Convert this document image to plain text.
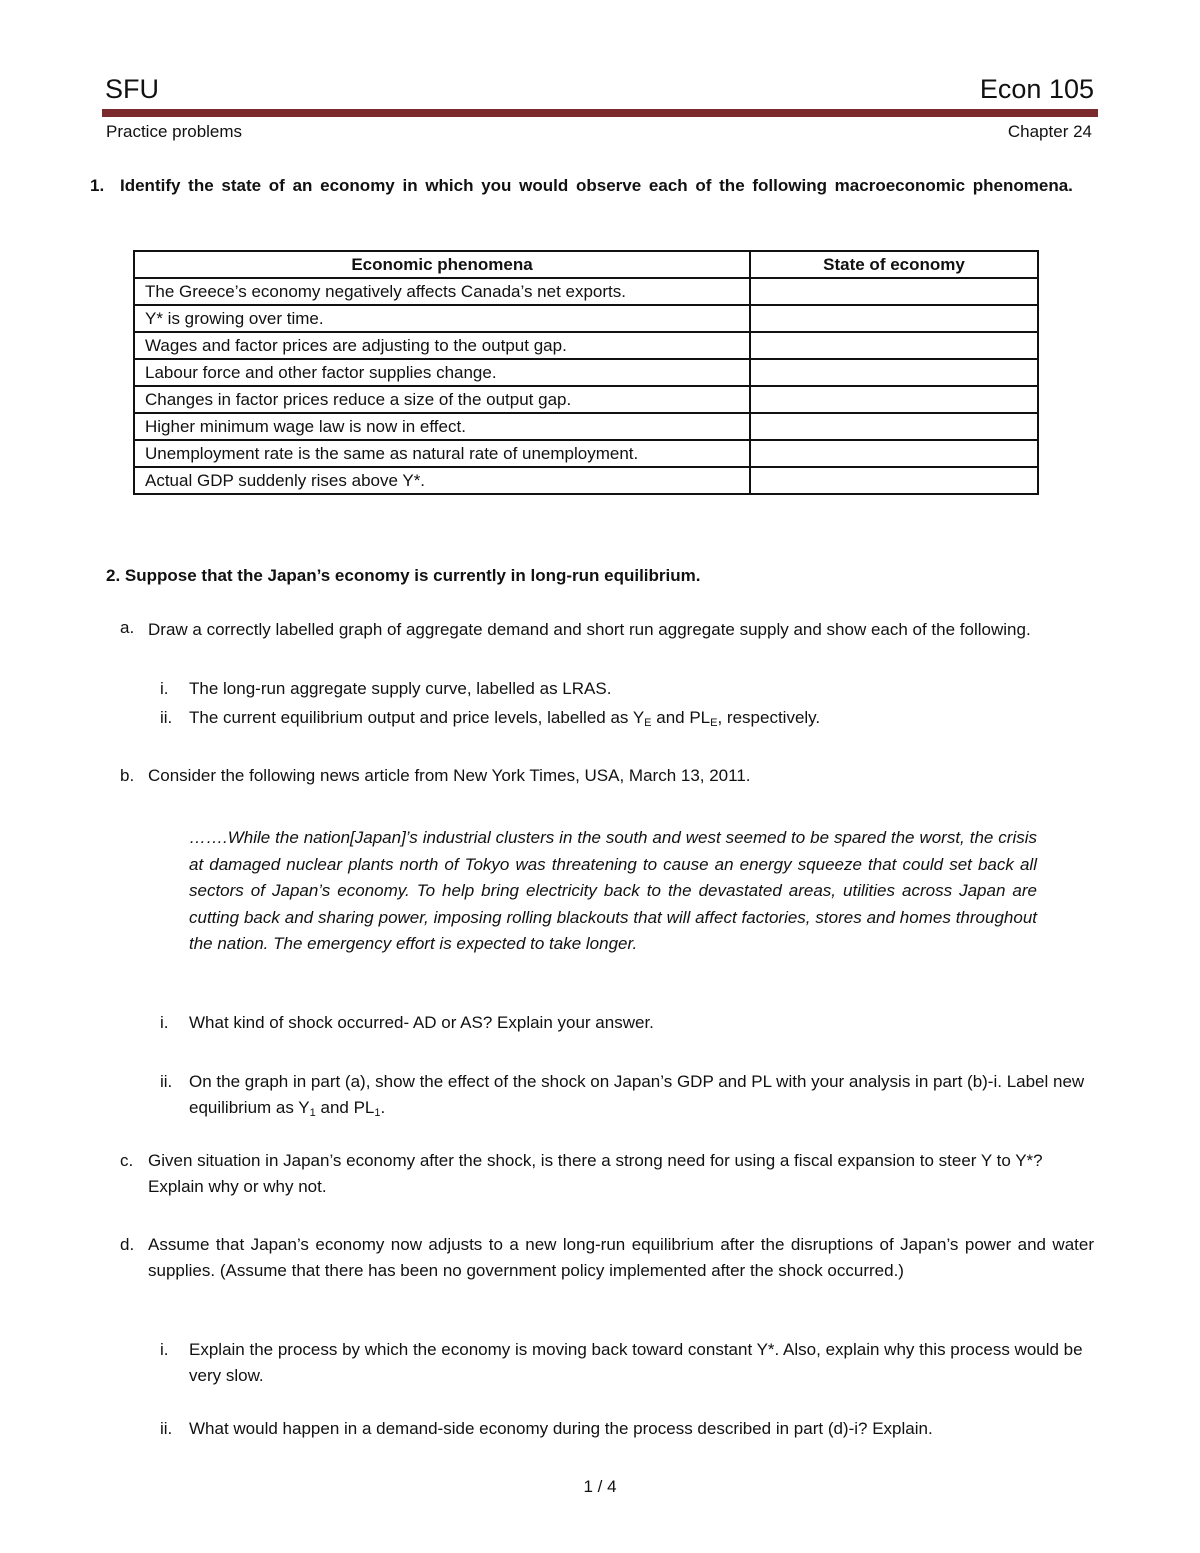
SFU	Econ 105
Practice problems	Chapter 24
1. Identify the state of an economy in which you would observe each of the following macroeconomic phenomena.
Economic phenomena	State of economy
The Greece’s economy negatively affects Canada’s net exports.	
Y* is growing over time.	
Wages and factor prices are adjusting to the output gap.	
Labour force and other factor supplies change.	
Changes in factor prices reduce a size of the output gap.	
Higher minimum wage law is now in effect.	
Unemployment rate is the same as natural rate of unemployment.	
Actual GDP suddenly rises above Y*.	
2. Suppose that the Japan’s economy is currently in long-run equilibrium.
a. Draw a correctly labelled graph of aggregate demand and short run aggregate supply and show each of the following.
i. The long-run aggregate supply curve, labelled as LRAS.
ii. The current equilibrium output and price levels, labelled as $Y_E$ and $PL_E$, respectively.
b. Consider the following news article from New York Times, USA, March 13, 2011.
…….While the nation[Japan]’s industrial clusters in the south and west seemed to be spared the worst, the crisis at damaged nuclear plants north of Tokyo was threatening to cause an energy squeeze that could set back all sectors of Japan’s economy. To help bring electricity back to the devastated areas, utilities across Japan are cutting back and sharing power, imposing rolling blackouts that will affect factories, stores and homes throughout the nation. The emergency effort is expected to take longer.
i. What kind of shock occurred- AD or AS? Explain your answer.
ii. On the graph in part (a), show the effect of the shock on Japan’s GDP and PL with your analysis in part (b)-i. Label new equilibrium as $Y_1$ and $PL_1$.
c. Given situation in Japan’s economy after the shock, is there a strong need for using a fiscal expansion to steer Y to Y*? Explain why or why not.
d. Assume that Japan’s economy now adjusts to a new long-run equilibrium after the disruptions of Japan’s power and water supplies. (Assume that there has been no government policy implemented after the shock occurred.)
i. Explain the process by which the economy is moving back toward constant Y*. Also, explain why this process would be very slow.
ii. What would happen in a demand-side economy during the process described in part (d)-i? Explain.
1 / 4
